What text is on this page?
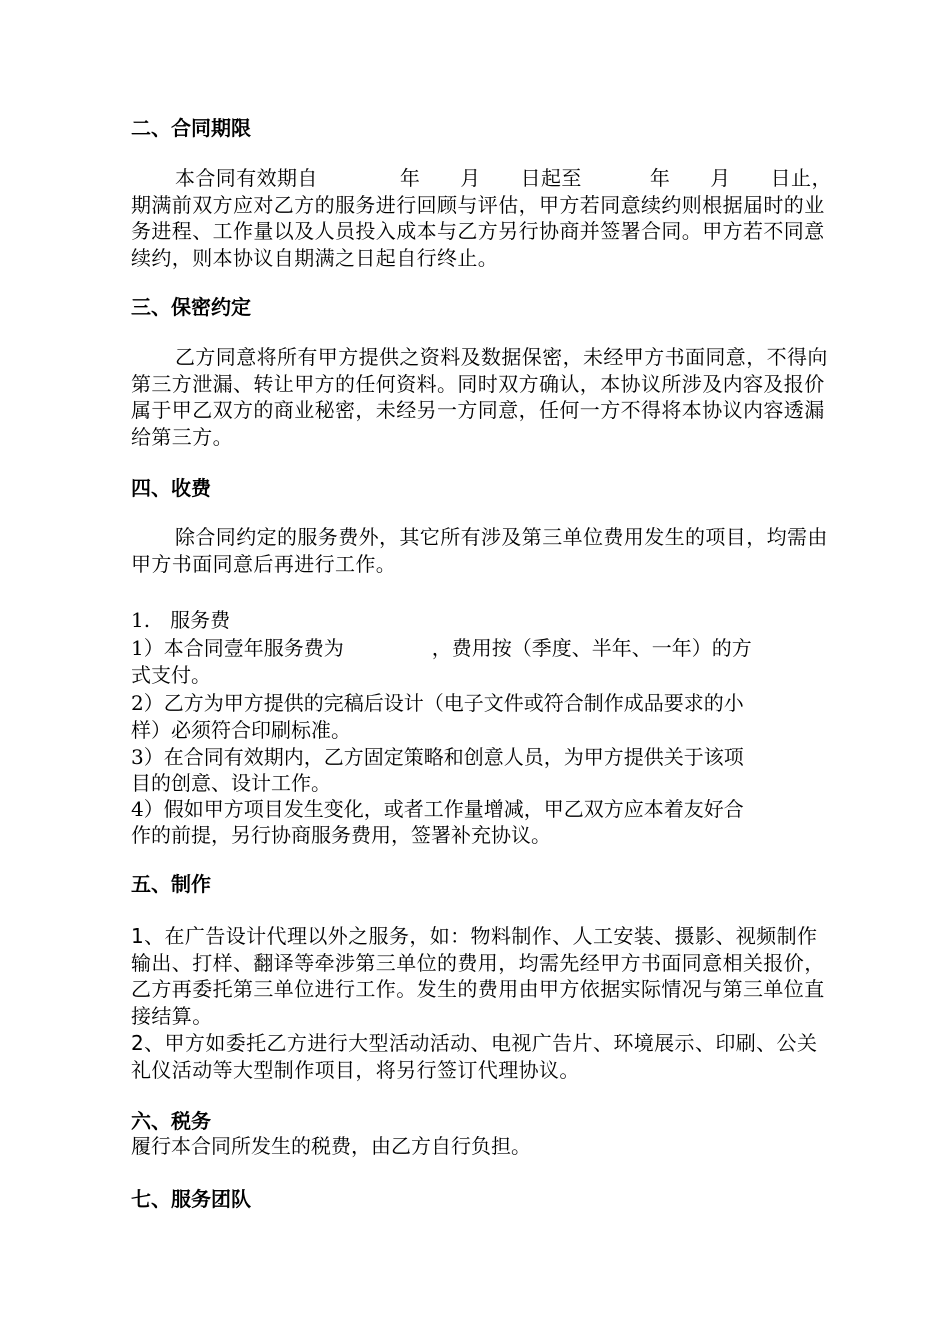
二、合同期限
本合同有效期自	年 月 日起至	年 月 日止，期满前双方应对乙方的服务进行回顾与评估，甲方若同意续约则根据届时的业务进程、工作量以及人员投入成本与乙方另行协商并签署合同。甲方若不同意续约，则本协议自期满之日起自行终止。
三、保密约定
乙方同意将所有甲方提供之资料及数据保密，未经甲方书面同意，不得向第三方泄漏、转让甲方的任何资料。同时双方确认，本协议所涉及内容及报价属于甲乙双方的商业秘密，未经另一方同意，任何一方不得将本协议内容透漏给第三方。
四、收费
除合同约定的服务费外，其它所有涉及第三单位费用发生的项目，均需由甲方书面同意后再进行工作。
1.　服务费
1）本合同壹年服务费为	，费用按（季度、半年、一年）的方
式支付。
2）乙方为甲方提供的完稿后设计（电子文件或符合制作成品要求的小
样）必须符合印刷标准。
3）在合同有效期内，乙方固定策略和创意人员，为甲方提供关于该项
目的创意、设计工作。
4）假如甲方项目发生变化，或者工作量增减，甲乙双方应本着友好合
作的前提，另行协商服务费用，签署补充协议。
五、制作
1、在广告设计代理以外之服务，如：物料制作、人工安装、摄影、视频制作输出、打样、翻译等牵涉第三单位的费用，均需先经甲方书面同意相关报价，乙方再委托第三单位进行工作。发生的费用由甲方依据实际情况与第三单位直接结算。
2、甲方如委托乙方进行大型活动活动、电视广告片、环境展示、印刷、公关礼仪活动等大型制作项目，将另行签订代理协议。
六、税务
履行本合同所发生的税费，由乙方自行负担。
七、服务团队
